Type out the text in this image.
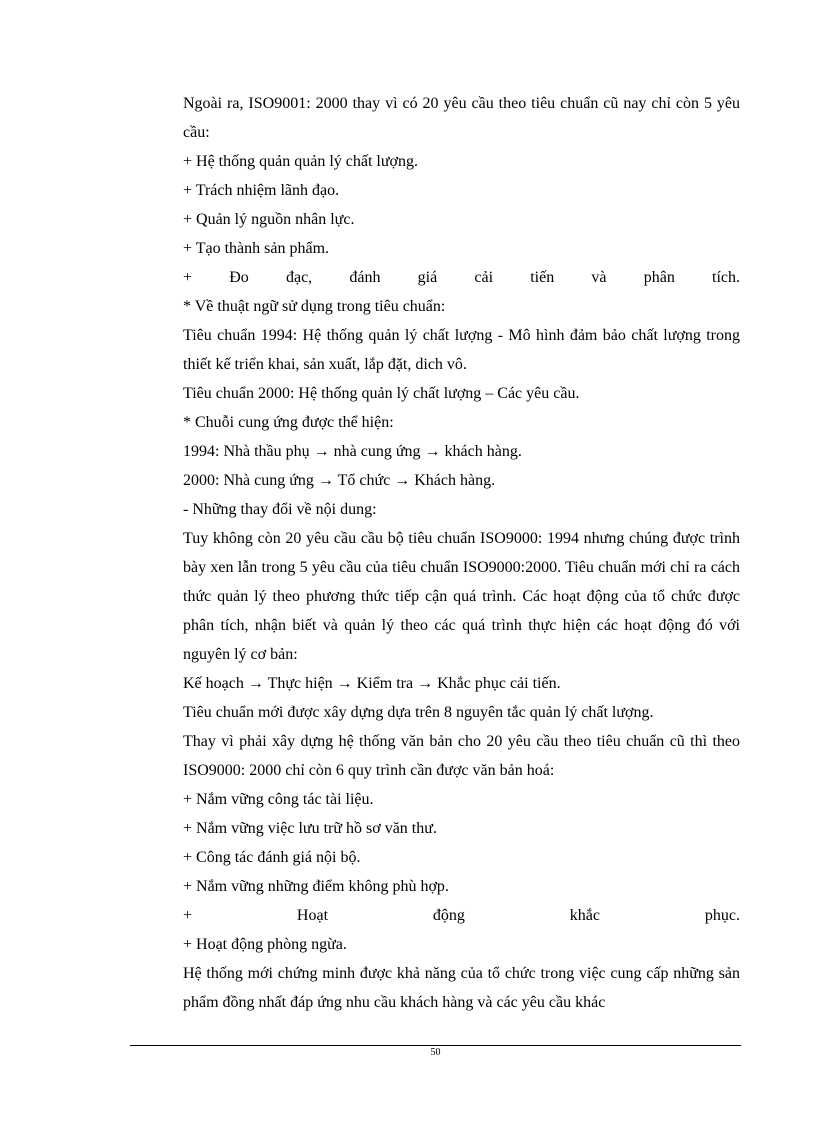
Ngoài ra, ISO9001: 2000 thay vì có 20 yêu cầu theo tiêu chuẩn cũ nay chỉ còn 5 yêu cầu:

+ Hệ thống quản quản lý chất lượng.

+ Trách nhiệm lãnh đạo.

+ Quản lý nguồn nhân lực.

+ Tạo thành sản phẩm.

+ Đo đạc, đánh giá cải tiến và phân tích.

* Về thuật ngữ sử dụng trong tiêu chuẩn:

Tiêu chuẩn 1994: Hệ thống quản lý chất lượng - Mô hình đảm bảo chất lượng trong thiết kế triển khai, sản xuất, lắp đặt, dich vô.

Tiêu chuẩn 2000: Hệ thống quản lý chất lượng – Các yêu cầu.

* Chuỗi cung ứng được thể hiện:

1994: Nhà thầu phụ → nhà cung ứng → khách hàng.

2000: Nhà cung ứng → Tổ chức → Khách hàng.

- Những thay đổi về nội dung:

Tuy không còn 20 yêu cầu cầu bộ tiêu chuẩn ISO9000: 1994 nhưng chúng được trình bày xen lẫn trong 5 yêu cầu của tiêu chuẩn ISO9000:2000. Tiêu chuẩn mới chỉ ra cách thức quản lý theo phương thức tiếp cận quá trình. Các hoạt động của tổ chức được phân tích, nhận biết và quản lý theo các quá trình thực hiện các hoạt động đó với nguyên lý cơ bản:

Kế hoạch → Thực hiện → Kiểm tra → Khắc phục cải tiến.

Tiêu chuẩn mới được xây dựng dựa trên 8 nguyên tắc quản lý chất lượng.

Thay vì phải xây dựng hệ thống văn bản cho 20 yêu cầu theo tiêu chuẩn cũ thì theo ISO9000: 2000 chỉ còn 6 quy trình cần được văn bản hoá:

+ Nắm vững công tác tài liệu.

+ Nắm vững việc lưu trữ hồ sơ văn thư.

+ Công tác đánh giá nội bộ.

+ Nắm vững những điểm không phù hợp.

+ Hoạt động khắc phục.

+ Hoạt động phòng ngừa.

Hệ thống mới chứng minh được khả năng của tổ chức trong việc cung cấp những sản phẩm đồng nhất đáp ứng nhu cầu khách hàng và các yêu cầu khác

50
